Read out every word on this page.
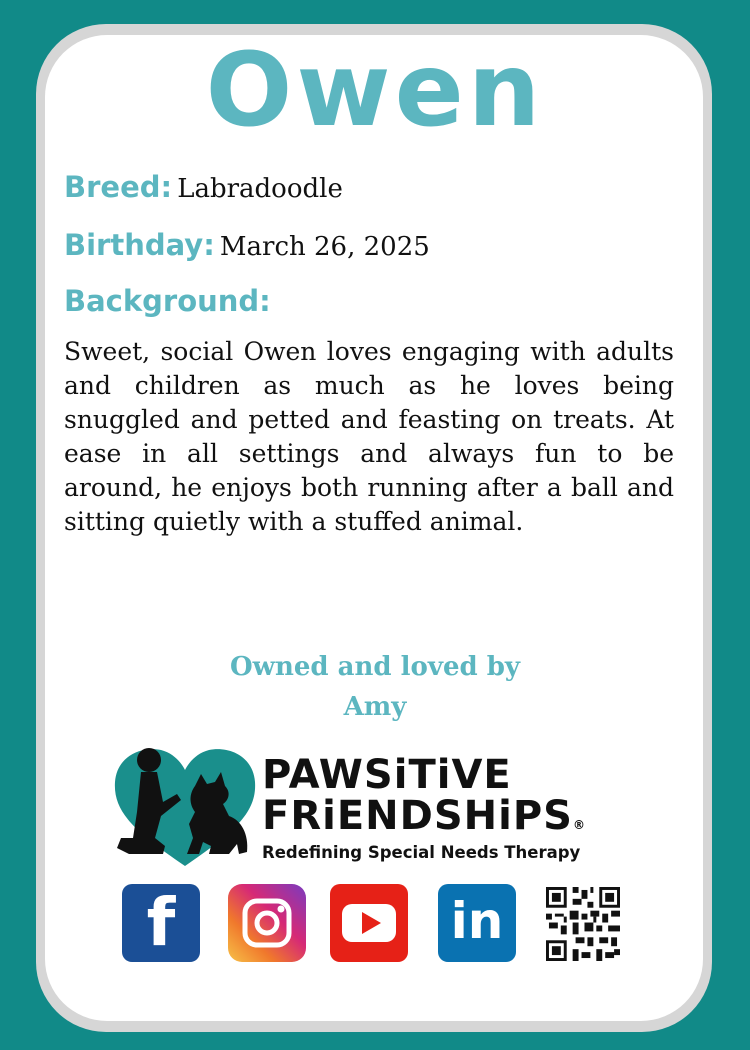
Owen
Breed: Labradoodle
Birthday: March 26, 2025
Background:
Sweet, social Owen loves engaging with adults and children as much as he loves being snuggled and petted and feasting on treats. At ease in all settings and always fun to be around, he enjoys both running after a ball and sitting quietly with a stuffed animal.
Owned and loved by
Amy
PAWSiTiVE
FRiENDSHiPS®
Redefining Special Needs Therapy
f	in
